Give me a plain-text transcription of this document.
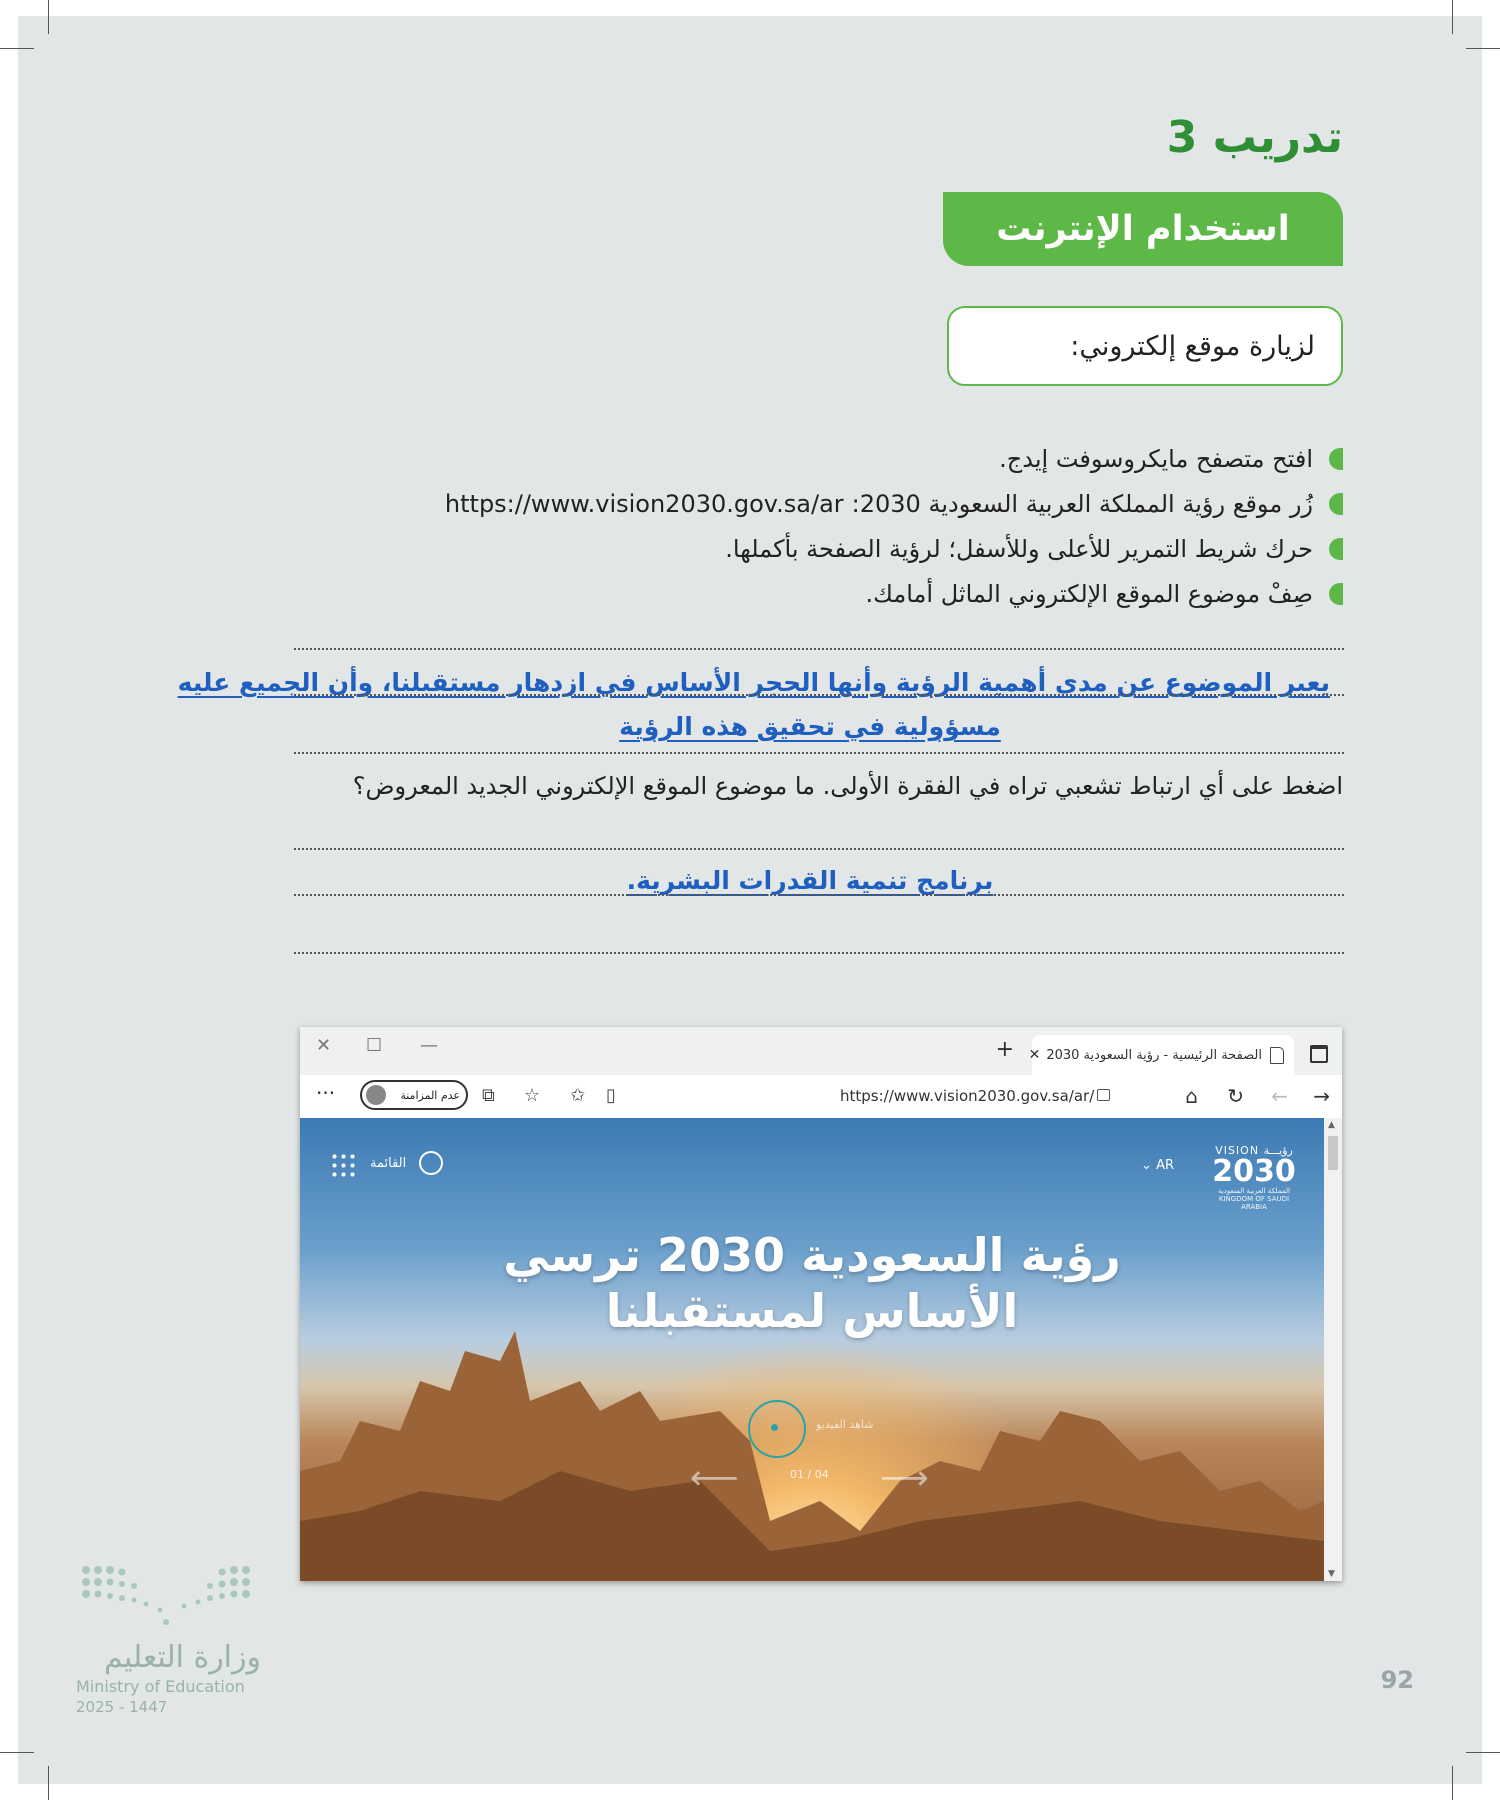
تدريب 3
استخدام الإنترنت
لزيارة موقع إلكتروني:
افتح متصفح مايكروسوفت إيدج.
زُر موقع رؤية المملكة العربية السعودية 2030:
https://www.vision2030.gov.sa/ar
حرك شريط التمرير للأعلى وللأسفل؛ لرؤية الصفحة بأكملها.
صِفْ موضوع الموقع الإلكتروني الماثل أمامك.
يعبر الموضوع عن مدى أهمية الرؤية وأنها الحجر الأساس في ازدهار مستقبلنا، وأن الجميع عليه
مسؤولية في تحقيق هذه الرؤية
اضغط على أي ارتباط تشعبي تراه في الفقرة الأولى. ما موضوع الموقع الإلكتروني الجديد المعروض؟
برنامج تنمية القدرات البشرية.
✕ ☐ —	+ الصفحة الرئيسية - رؤية السعودية 2030
✕
···	عدم المزامنة ⧉ ☆ ✩ ▯	https://www.vision2030.gov.sa/ar/	⌂ ↻ ← →
VISION رؤيـــة
2030
المملكة العربية السعودية KINGDOM OF SAUDI ARABIA
AR ⌄
القائمة
رؤية السعودية 2030 ترسي
الأساس لمستقبلنا
شاهد الفيديو
⟵	01 / 04 ⟶
▲
▼
وزارة التعليم
Ministry of Education
2025 - 1447
92
